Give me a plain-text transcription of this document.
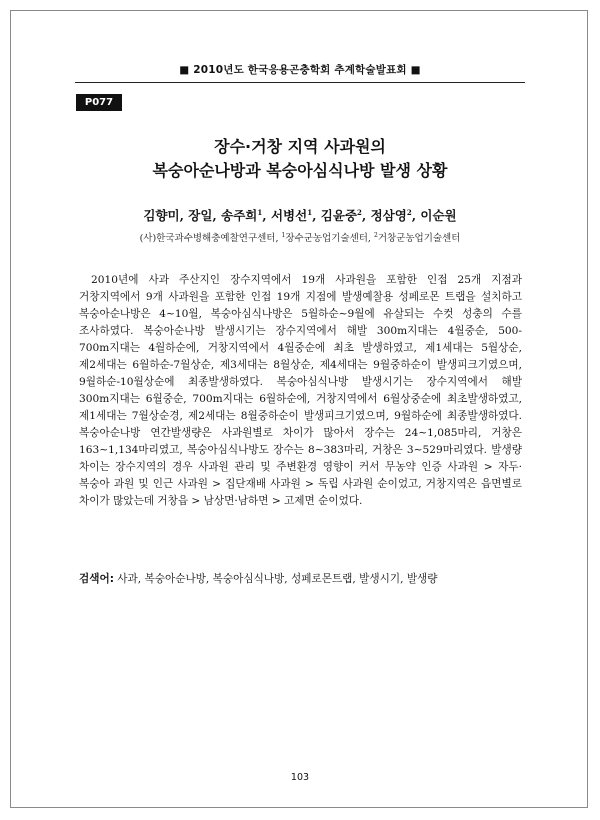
■ 2010년도 한국응용곤충학회 추계학술발표회 ■
P077
장수·거창 지역 사과원의
복숭아순나방과 복숭아심식나방 발생 상황
김향미, 장일, 송주희$^1$, 서병선$^1$, 김윤중$^2$, 정삼영$^2$, 이순원
(사)한국과수병해충예찰연구센터, $^1$장수군농업기술센터, $^2$거창군농업기술센터

2010년에 사과 주산지인 장수지역에서 19개 사과원을 포함한 인접 25개 지점과 거창지역에서 9개 사과원을 포함한 인접 19개 지점에 발생예찰용 성페로몬 트랩을 설치하고 복숭아순나방은 4∼10월, 복숭아심식나방은 5월하순∼9월에 유살되는 수컷 성충의 수를 조사하였다. 복숭아순나방 발생시기는 장수지역에서 해발 300m지대는 4월중순, 500-700m지대는 4월하순에, 거창지역에서 4월중순에 최초 발생하였고, 제1세대는 5월상순, 제2세대는 6월하순-7월상순, 제3세대는 8월상순, 제4세대는 9월중하순이 발생피크기였으며, 9월하순-10월상순에 최종발생하였다. 복숭아심식나방 발생시기는 장수지역에서 해발 300m지대는 6월중순, 700m지대는 6월하순에, 거창지역에서 6월상중순에 최초발생하였고, 제1세대는 7월상순경, 제2세대는 8월중하순이 발생피크기였으며, 9월하순에 최종발생하였다. 복숭아순나방 연간발생량은 사과원별로 차이가 많아서 장수는 24∼1,085마리, 거창은 163∼1,134마리였고, 복숭아심식나방도 장수는 8∼383마리, 거창은 3∼529마리였다. 발생량 차이는 장수지역의 경우 사과원 관리 및 주변환경 영향이 커서 무농약 인증 사과원 > 자두·복숭아 과원 및 인근 사과원 > 집단재배 사과원 > 독립 사과원 순이었고, 거창지역은 읍면별로 차이가 많았는데 거창읍 > 남상면·남하면 > 고제면 순이었다.

검색어: 사과, 복숭아순나방, 복숭아심식나방, 성페로몬트랩, 발생시기, 발생량
103
